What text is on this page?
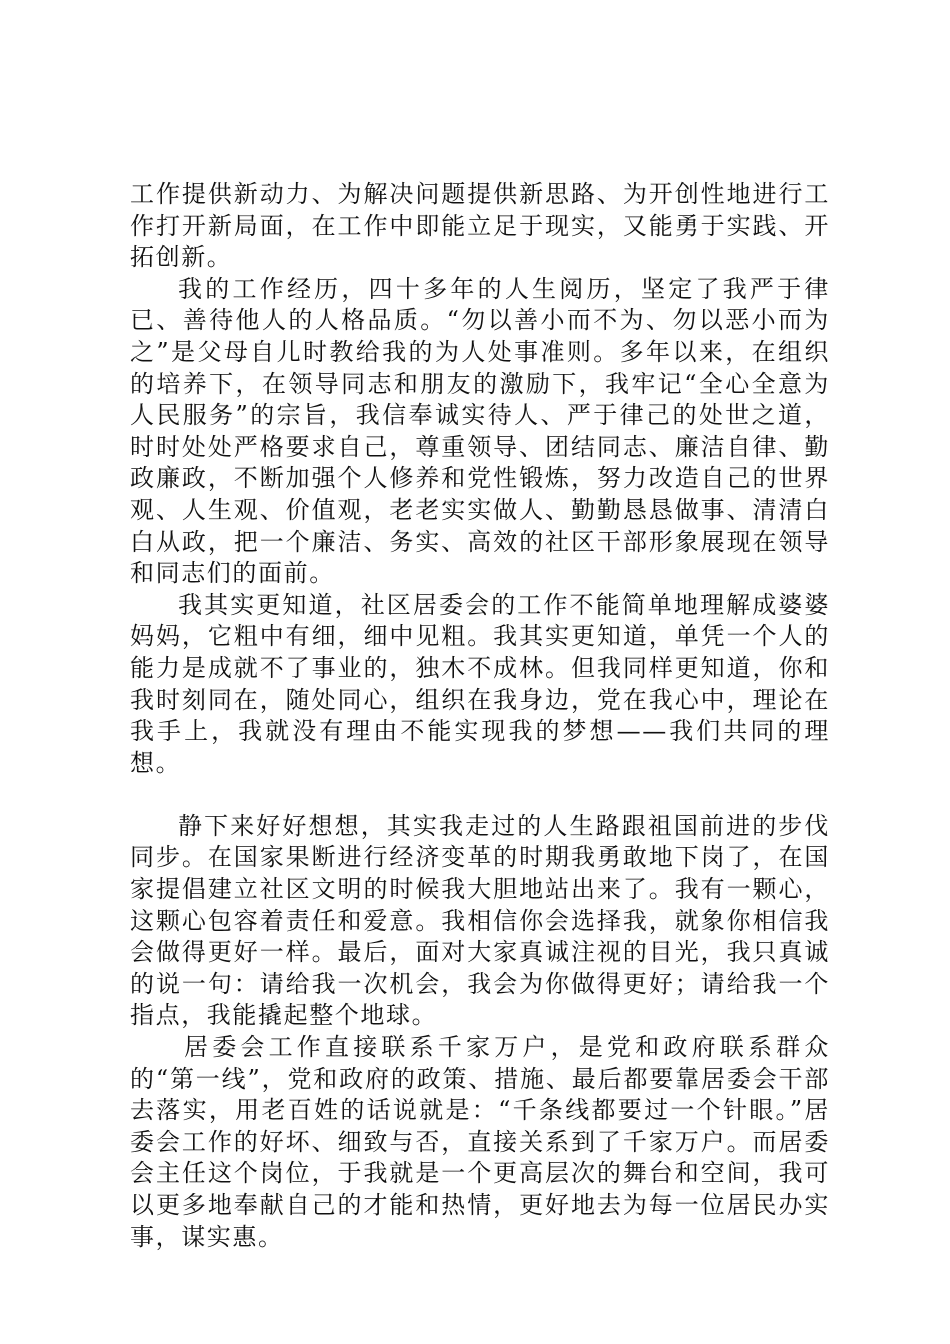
工作提供新动力、为解决问题提供新思路、为开创性地进行工作打开新局面，在工作中即能立足于现实，又能勇于实践、开拓创新。

我的工作经历，四十多年的人生阅历，坚定了我严于律已、善待他人的人格品质。“勿以善小而不为、勿以恶小而为之”是父母自儿时教给我的为人处事准则。多年以来，在组织的培养下，在领导同志和朋友的激励下，我牢记“全心全意为人民服务”的宗旨，我信奉诚实待人、严于律己的处世之道，时时处处严格要求自己，尊重领导、团结同志、廉洁自律、勤政廉政，不断加强个人修养和党性锻炼，努力改造自己的世界观、人生观、价值观，老老实实做人、勤勤恳恳做事、清清白白从政，把一个廉洁、务实、高效的社区干部形象展现在领导和同志们的面前。

我其实更知道，社区居委会的工作不能简单地理解成婆婆妈妈，它粗中有细，细中见粗。我其实更知道，单凭一个人的能力是成就不了事业的，独木不成林。但我同样更知道，你和我时刻同在，随处同心，组织在我身边，党在我心中，理论在我手上，我就没有理由不能实现我的梦想——我们共同的理想。

静下来好好想想，其实我走过的人生路跟祖国前进的步伐同步。在国家果断进行经济变革的时期我勇敢地下岗了，在国家提倡建立社区文明的时候我大胆地站出来了。我有一颗心，这颗心包容着责任和爱意。我相信你会选择我，就象你相信我会做得更好一样。最后，面对大家真诚注视的目光，我只真诚的说一句：请给我一次机会，我会为你做得更好；请给我一个指点，我能撬起整个地球。

居委会工作直接联系千家万户，是党和政府联系群众的“第一线”，党和政府的政策、措施、最后都要靠居委会干部去落实，用老百姓的话说就是：“千条线都要过一个针眼。”居委会工作的好坏、细致与否，直接关系到了千家万户。而居委会主任这个岗位，于我就是一个更高层次的舞台和空间，我可以更多地奉献自己的才能和热情，更好地去为每一位居民办实事，谋实惠。
